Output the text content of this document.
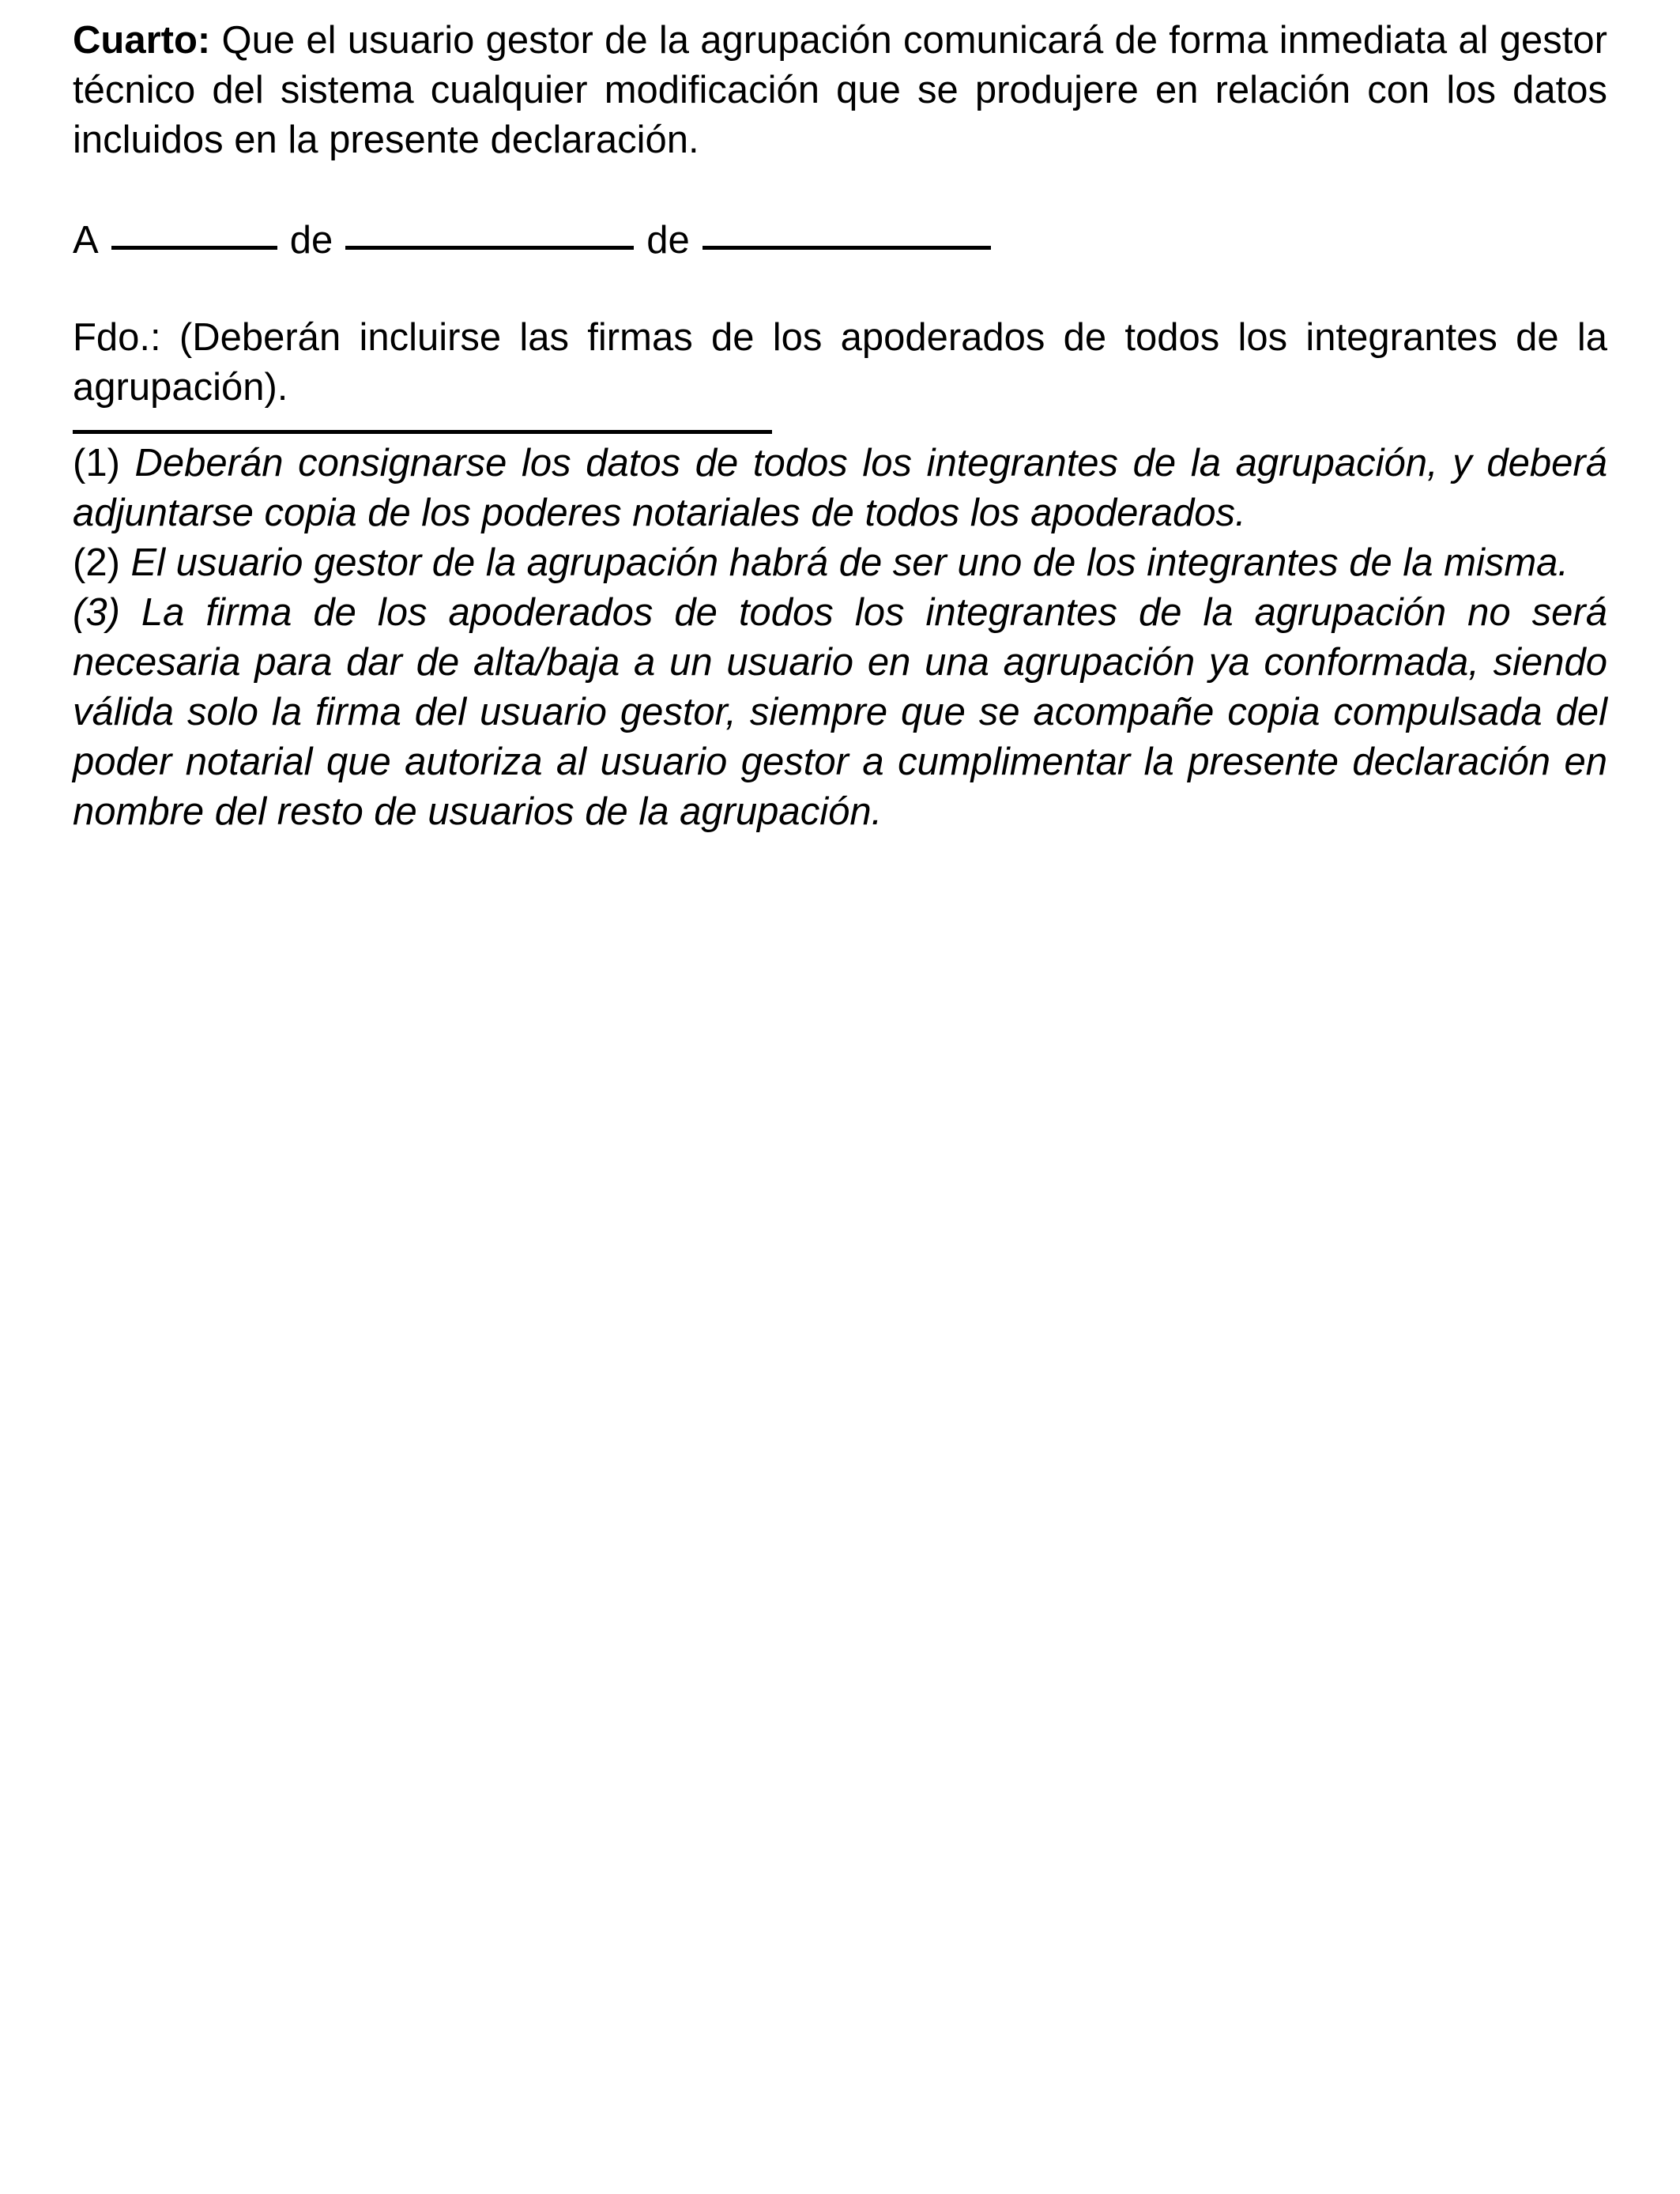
Cuarto: Que el usuario gestor de la agrupación comunicará de forma inmediata al gestor técnico del sistema cualquier modificación que se produjere en relación con los datos incluidos en la presente declaración.

A	de	de

Fdo.: (Deberán incluirse las firmas de los apoderados de todos los integrantes de la agrupación).

(1) Deberán consignarse los datos de todos los integrantes de la agrupación, y deberá adjuntarse copia de los poderes notariales de todos los apoderados.

(2) El usuario gestor de la agrupación habrá de ser uno de los integrantes de la misma.

(3) La firma de los apoderados de todos los integrantes de la agrupación no será necesaria para dar de alta/baja a un usuario en una agrupación ya conformada, siendo válida solo la firma del usuario gestor, siempre que se acompañe copia compulsada del poder notarial que autoriza al usuario gestor a cumplimentar la presente declaración en nombre del resto de usuarios de la agrupación.
